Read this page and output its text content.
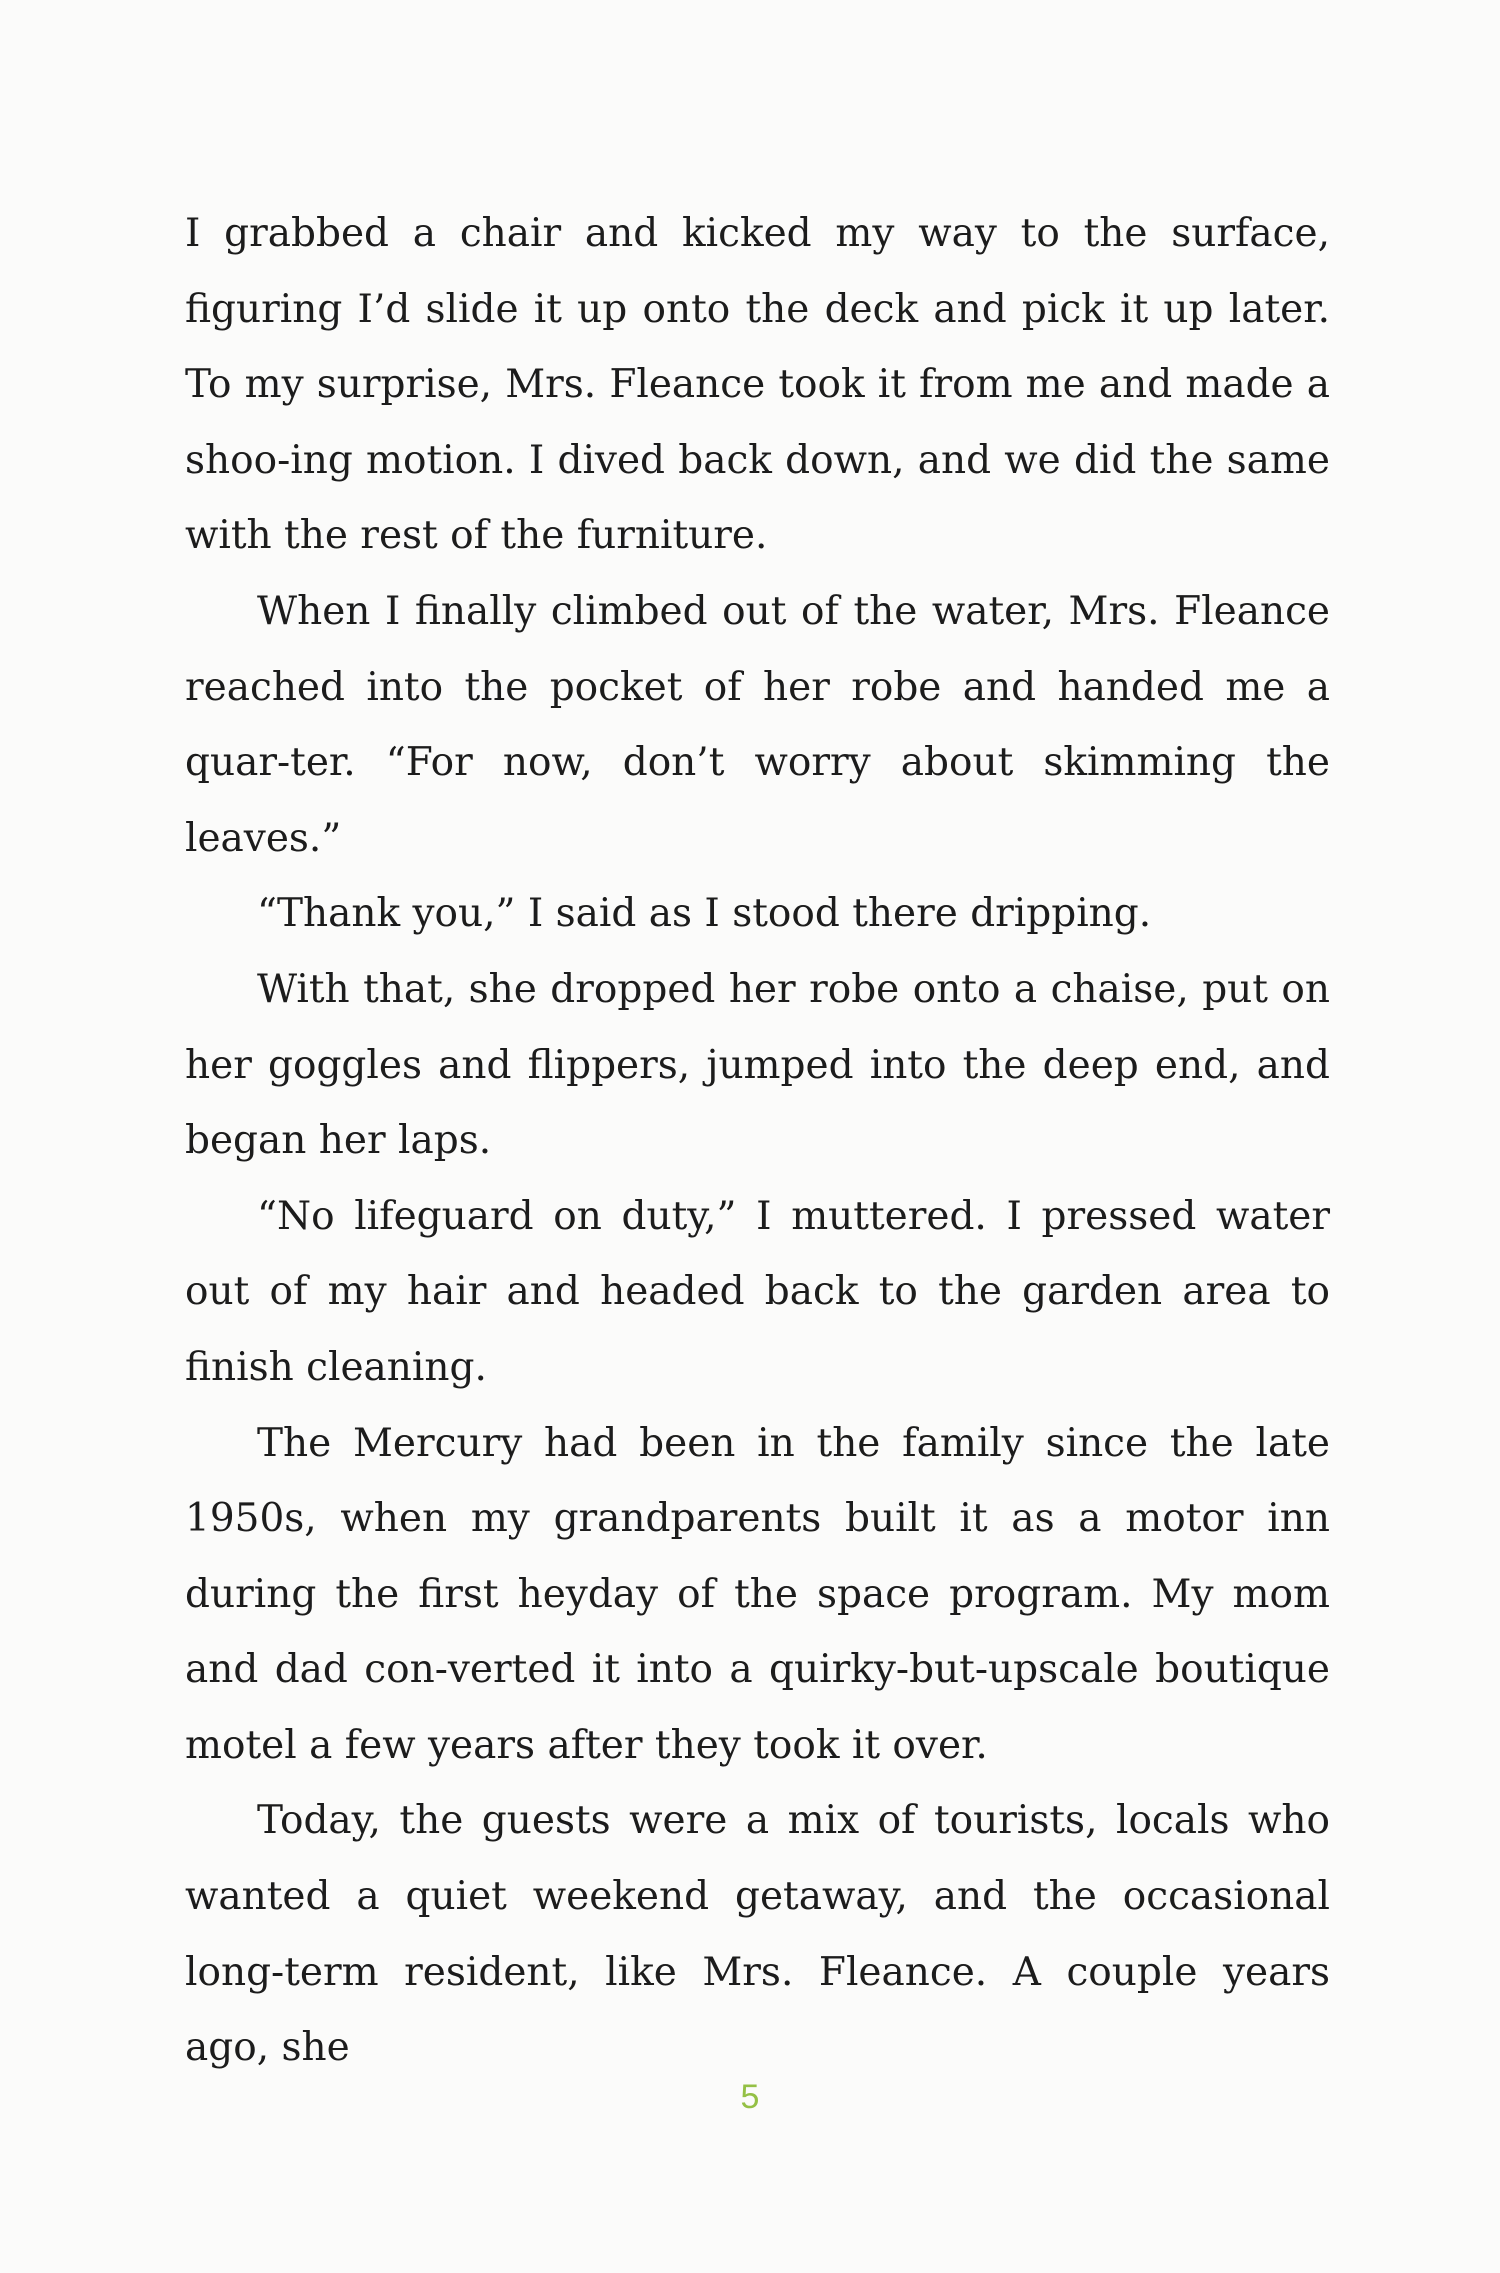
I grabbed a chair and kicked my way to the surface, figuring I’d slide it up onto the deck and pick it up later. To my surprise, Mrs. Fleance took it from me and made a shoo-ing motion. I dived back down, and we did the same with the rest of the furniture.

When I finally climbed out of the water, Mrs. Fleance reached into the pocket of her robe and handed me a quar-ter. “For now, don’t worry about skimming the leaves.”

“Thank you,” I said as I stood there dripping.

With that, she dropped her robe onto a chaise, put on her goggles and flippers, jumped into the deep end, and began her laps.

“No lifeguard on duty,” I muttered. I pressed water out of my hair and headed back to the garden area to finish cleaning.

The Mercury had been in the family since the late 1950s, when my grandparents built it as a motor inn during the first heyday of the space program. My mom and dad con-verted it into a quirky-but-upscale boutique motel a few years after they took it over.

Today, the guests were a mix of tourists, locals who wanted a quiet weekend getaway, and the occasional long-term resident, like Mrs. Fleance. A couple years ago, she

5
